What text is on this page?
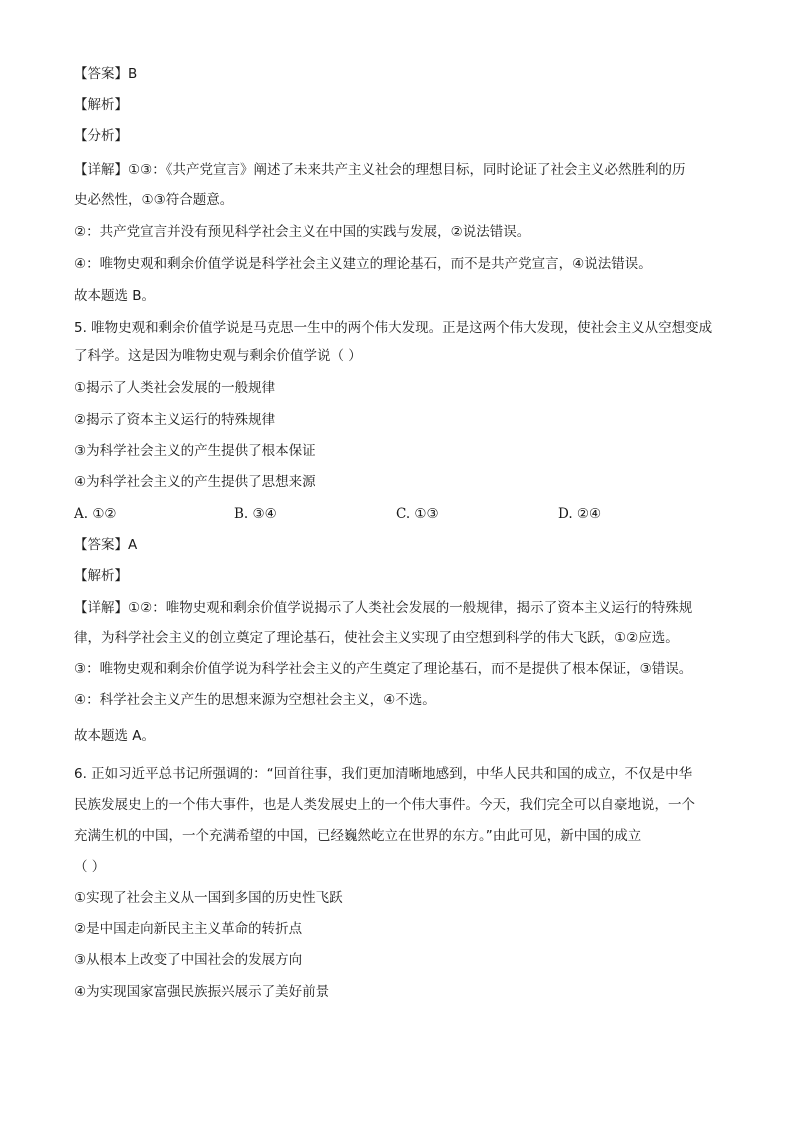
【答案】B
【解析】
【分析】
【详解】①③：《共产党宣言》阐述了未来共产主义社会的理想目标，同时论证了社会主义必然胜利的历
史必然性，①③符合题意。
②：共产党宣言并没有预见科学社会主义在中国的实践与发展，②说法错误。
④：唯物史观和剩余价值学说是科学社会主义建立的理论基石，而不是共产党宣言，④说法错误。
故本题选 B。
5. 唯物史观和剩余价值学说是马克思一生中的两个伟大发现。正是这两个伟大发现，使社会主义从空想变成
了科学。这是因为唯物史观与剩余价值学说（ ）
①揭示了人类社会发展的一般规律
②揭示了资本主义运行的特殊规律
③为科学社会主义的产生提供了根本保证
④为科学社会主义的产生提供了思想来源
A. ①②	B. ③④	C. ①③	D. ②④
【答案】A
【解析】
【详解】①②：唯物史观和剩余价值学说揭示了人类社会发展的一般规律，揭示了资本主义运行的特殊规
律，为科学社会主义的创立奠定了理论基石，使社会主义实现了由空想到科学的伟大飞跃，①②应选。
③：唯物史观和剩余价值学说为科学社会主义的产生奠定了理论基石，而不是提供了根本保证，③错误。
④：科学社会主义产生的思想来源为空想社会主义，④不选。
故本题选 A。
6. 正如习近平总书记所强调的：“回首往事，我们更加清晰地感到，中华人民共和国的成立，不仅是中华
民族发展史上的一个伟大事件，也是人类发展史上的一个伟大事件。今天，我们完全可以自豪地说，一个
充满生机的中国，一个充满希望的中国，已经巍然屹立在世界的东方。”由此可见，新中国的成立
（ ）
①实现了社会主义从一国到多国的历史性飞跃
②是中国走向新民主主义革命的转折点
③从根本上改变了中国社会的发展方向
④为实现国家富强民族振兴展示了美好前景
